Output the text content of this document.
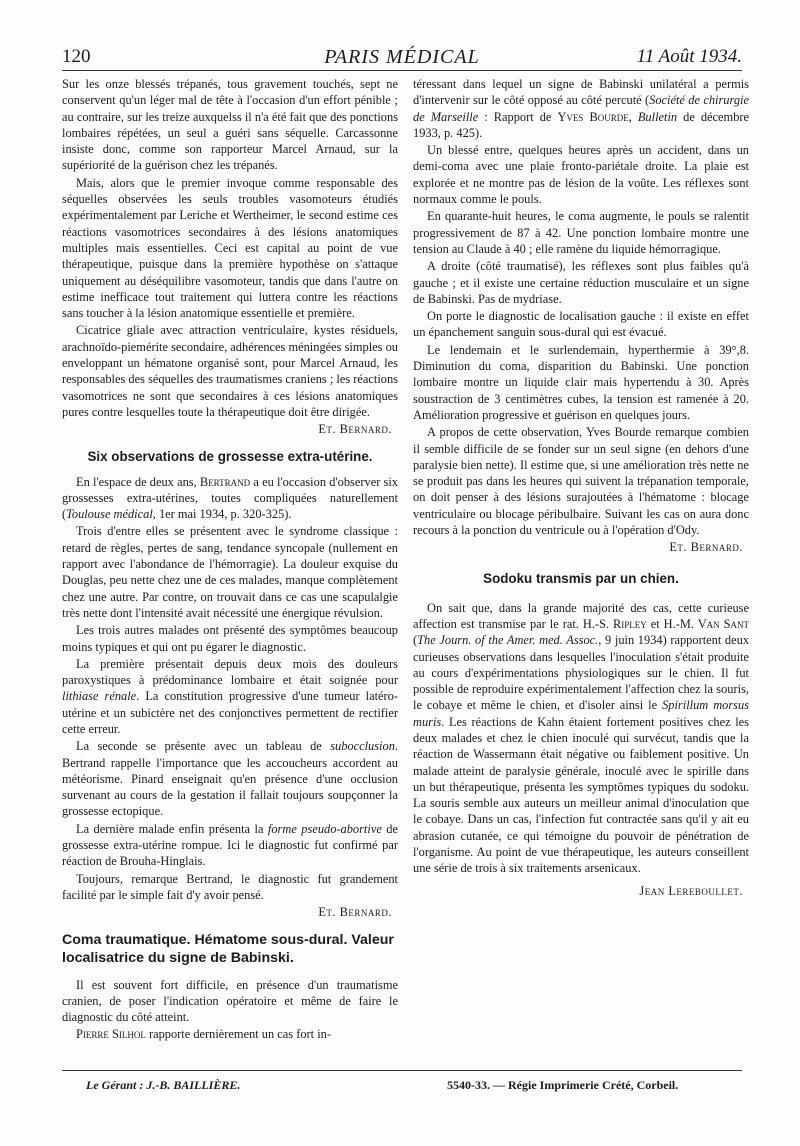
120	PARIS MÉDICAL	11 Août 1934.

Sur les onze blessés trépanés, tous gravement touchés, sept ne conservent qu'un léger mal de tête à l'occasion d'un effort pénible ; au contraire, sur les treize auxquelss il n'a été fait que des ponctions lombaires répétées, un seul a guéri sans séquelle. Carcassonne insiste donc, comme son rapporteur Marcel Arnaud, sur la supériorité de la guérison chez les trépanés.

Mais, alors que le premier invoque comme responsable des séquelles observées les seuls troubles vasomoteurs étudiés expérimentalement par Leriche et Wertheimer, le second estime ces réactions vasomotrices secondaires à des lésions anatomiques multiples mais essentielles. Ceci est capital au point de vue thérapeutique, puisque dans la première hypothèse on s'attaque uniquement au déséquilibre vasomoteur, tandis que dans l'autre on estime inefficace tout traitement qui luttera contre les réactions sans toucher à la lésion anatomique essentielle et première.

Cicatrice gliale avec attraction ventriculaire, kystes résiduels, arachnoïdo-piemérite secondaire, adhérences méningées simples ou enveloppant un hématone organisé sont, pour Marcel Arnaud, les responsables des séquelles des traumatismes craniens ; les réactions vasomotrices ne sont que secondaires à ces lésions anatomiques pures contre lesquelles toute la thérapeutique doit être dirigée.

Et. Bernard.
Six observations de grossesse extra-utérine.

En l'espace de deux ans, Bertrand a eu l'occasion d'observer six grossesses extra-utérines, toutes compliquées naturellement (Toulouse médical, 1er mai 1934, p. 320-325).

Trois d'entre elles se présentent avec le syndrome classique : retard de règles, pertes de sang, tendance syncopale (nullement en rapport avec l'abondance de l'hémorragie). La douleur exquise du Douglas, peu nette chez une de ces malades, manque complètement chez une autre. Par contre, on trouvait dans ce cas une scapulalgie très nette dont l'intensité avait nécessité une énergique révulsion.

Les trois autres malades ont présenté des symptômes beaucoup moins typiques et qui ont pu égarer le diagnostic.

La première présentait depuis deux mois des douleurs paroxystiques à prédominance lombaire et était soignée pour lithiase rénale. La constitution progressive d'une tumeur latéro-utérine et un subictère net des conjonctives permettent de rectifier cette erreur.

La seconde se présente avec un tableau de subocclusion. Bertrand rappelle l'importance que les accoucheurs accordent au météorisme. Pinard enseignait qu'en présence d'une occlusion survenant au cours de la gestation il fallait toujours soupçonner la grossesse ectopique.

La dernière malade enfin présenta la forme pseudo-abortive de grossesse extra-utérine rompue. Ici le diagnostic fut confirmé par réaction de Brouha-Hinglais.

Toujours, remarque Bertrand, le diagnostic fut grandement facilité par le simple fait d'y avoir pensé.

Et. Bernard.
Coma traumatique. Hématome sous-dural. Valeur localisatrice du signe de Babinski.

Il est souvent fort difficile, en présence d'un traumatisme cranien, de poser l'indication opératoire et même de faire le diagnostic du côté atteint.

Pierre Silhol rapporte dernièrement un cas fort in-

téressant dans lequel un signe de Babinski unilatéral a permis d'intervenir sur le côté opposé au côté percuté (Société de chirurgie de Marseille : Rapport de Yves Bourde, Bulletin de décembre 1933, p. 425).

Un blessé entre, quelques heures après un accident, dans un demi-coma avec une plaie fronto-pariétale droite. La plaie est explorée et ne montre pas de lésion de la voûte. Les réflexes sont normaux comme le pouls.

En quarante-huit heures, le coma augmente, le pouls se ralentit progressivement de 87 à 42. Une ponction lombaire montre une tension au Claude à 40 ; elle ramène du liquide hémorragique.

A droite (côté traumatisé), les réflexes sont plus faibles qu'à gauche ; et il existe une certaine réduction musculaire et un signe de Babinski. Pas de mydriase.

On porte le diagnostic de localisation gauche : il existe en effet un épanchement sanguin sous-dural qui est évacué.

Le lendemain et le surlendemain, hyperthermie à 39°,8. Diminution du coma, disparition du Babinski. Une ponction lombaire montre un liquide clair mais hypertendu à 30. Après soustraction de 3 centimètres cubes, la tension est ramenée à 20. Amélioration progressive et guérison en quelques jours.

A propos de cette observation, Yves Bourde remarque combien il semble difficile de se fonder sur un seul signe (en dehors d'une paralysie bien nette). Il estime que, si une amélioration très nette ne se produit pas dans les heures qui suivent la trépanation temporale, on doit penser à des lésions surajoutées à l'hématome : blocage ventriculaire ou blocage péribulbaire. Suivant les cas on aura donc recours à la ponction du ventricule ou à l'opération d'Ody.

Et. Bernard.
Sodoku transmis par un chien.

On sait que, dans la grande majorité des cas, cette curieuse affection est transmise par le rat. H.-S. Ripley et H.-M. Van Sant (The Journ. of the Amer. med. Assoc., 9 juin 1934) rapportent deux curieuses observations dans lesquelles l'inoculation s'était produite au cours d'expérimentations physiologiques sur le chien. Il fut possible de reproduire expérimentalement l'affection chez la souris, le cobaye et même le chien, et d'isoler ainsi le Spirillum morsus muris. Les réactions de Kahn étaient fortement positives chez les deux malades et chez le chien inoculé qui survécut, tandis que la réaction de Wassermann était négative ou faiblement positive. Un malade atteint de paralysie générale, inoculé avec le spirille dans un but thérapeutique, présenta les symptômes typiques du sodoku. La souris semble aux auteurs un meilleur animal d'inoculation que le cobaye. Dans un cas, l'infection fut contractée sans qu'il y ait eu abrasion cutanée, ce qui témoigne du pouvoir de pénétration de l'organisme. Au point de vue thérapeutique, les auteurs conseillent une série de trois à six traitements arsenicaux.

Jean Lereboullet.
Le Gérant : J.-B. BAILLIÈRE.	5540-33. — Régie Imprimerie Crété, Corbeil.
